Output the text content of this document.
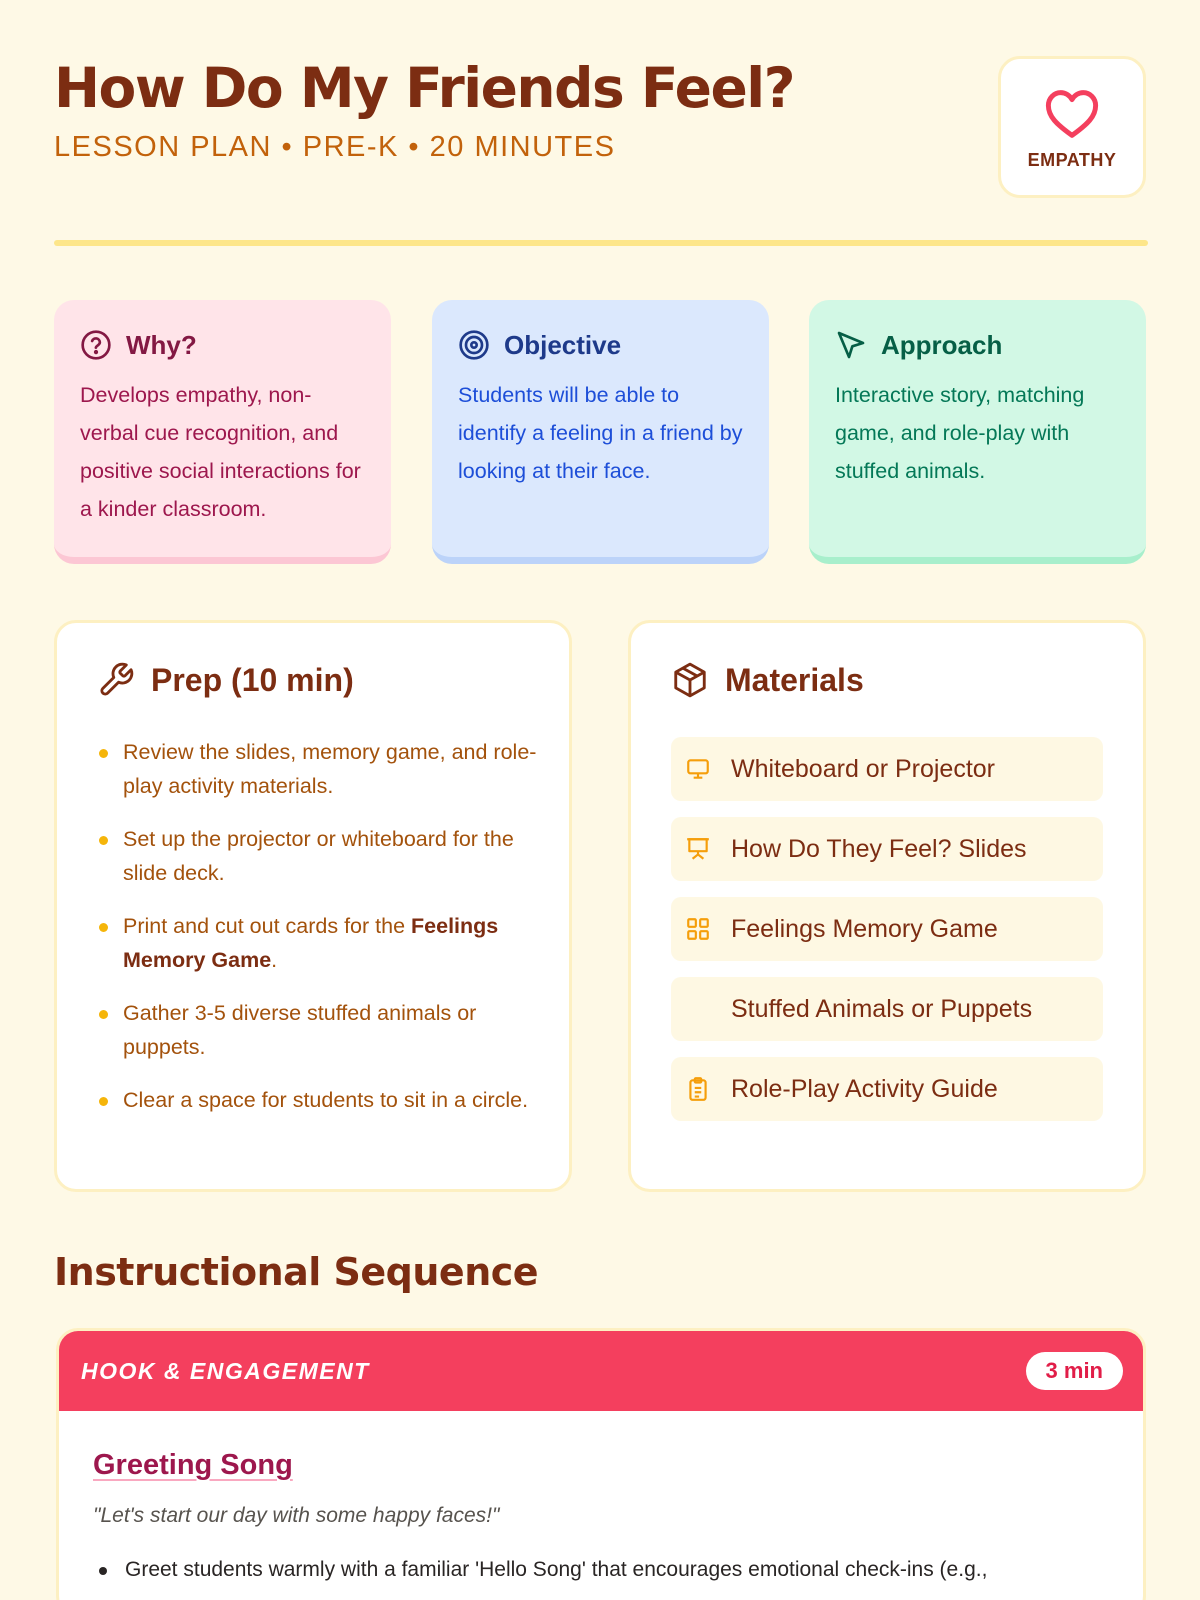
How Do My Friends Feel?
LESSON PLAN • PRE-K • 20 MINUTES	EMPATHY
Why?
Develops empathy, non-verbal cue recognition, and positive social interactions for a kinder classroom.
Objective
Students will be able to identify a feeling in a friend by looking at their face.
Approach
Interactive story, matching game, and role-play with stuffed animals.
Prep (10 min)
Review the slides, memory game, and role-play activity materials.
Set up the projector or whiteboard for the slide deck.
Print and cut out cards for the Feelings Memory Game.
Gather 3-5 diverse stuffed animals or puppets.
Clear a space for students to sit in a circle.
Materials
Whiteboard or Projector
How Do They Feel? Slides
Feelings Memory Game
Stuffed Animals or Puppets
Role-Play Activity Guide
Instructional Sequence
HOOK & ENGAGEMENT	3 min
Greeting Song
"Let's start our day with some happy faces!"
Greet students warmly with a familiar 'Hello Song' that encourages emotional check-ins (e.g.,
